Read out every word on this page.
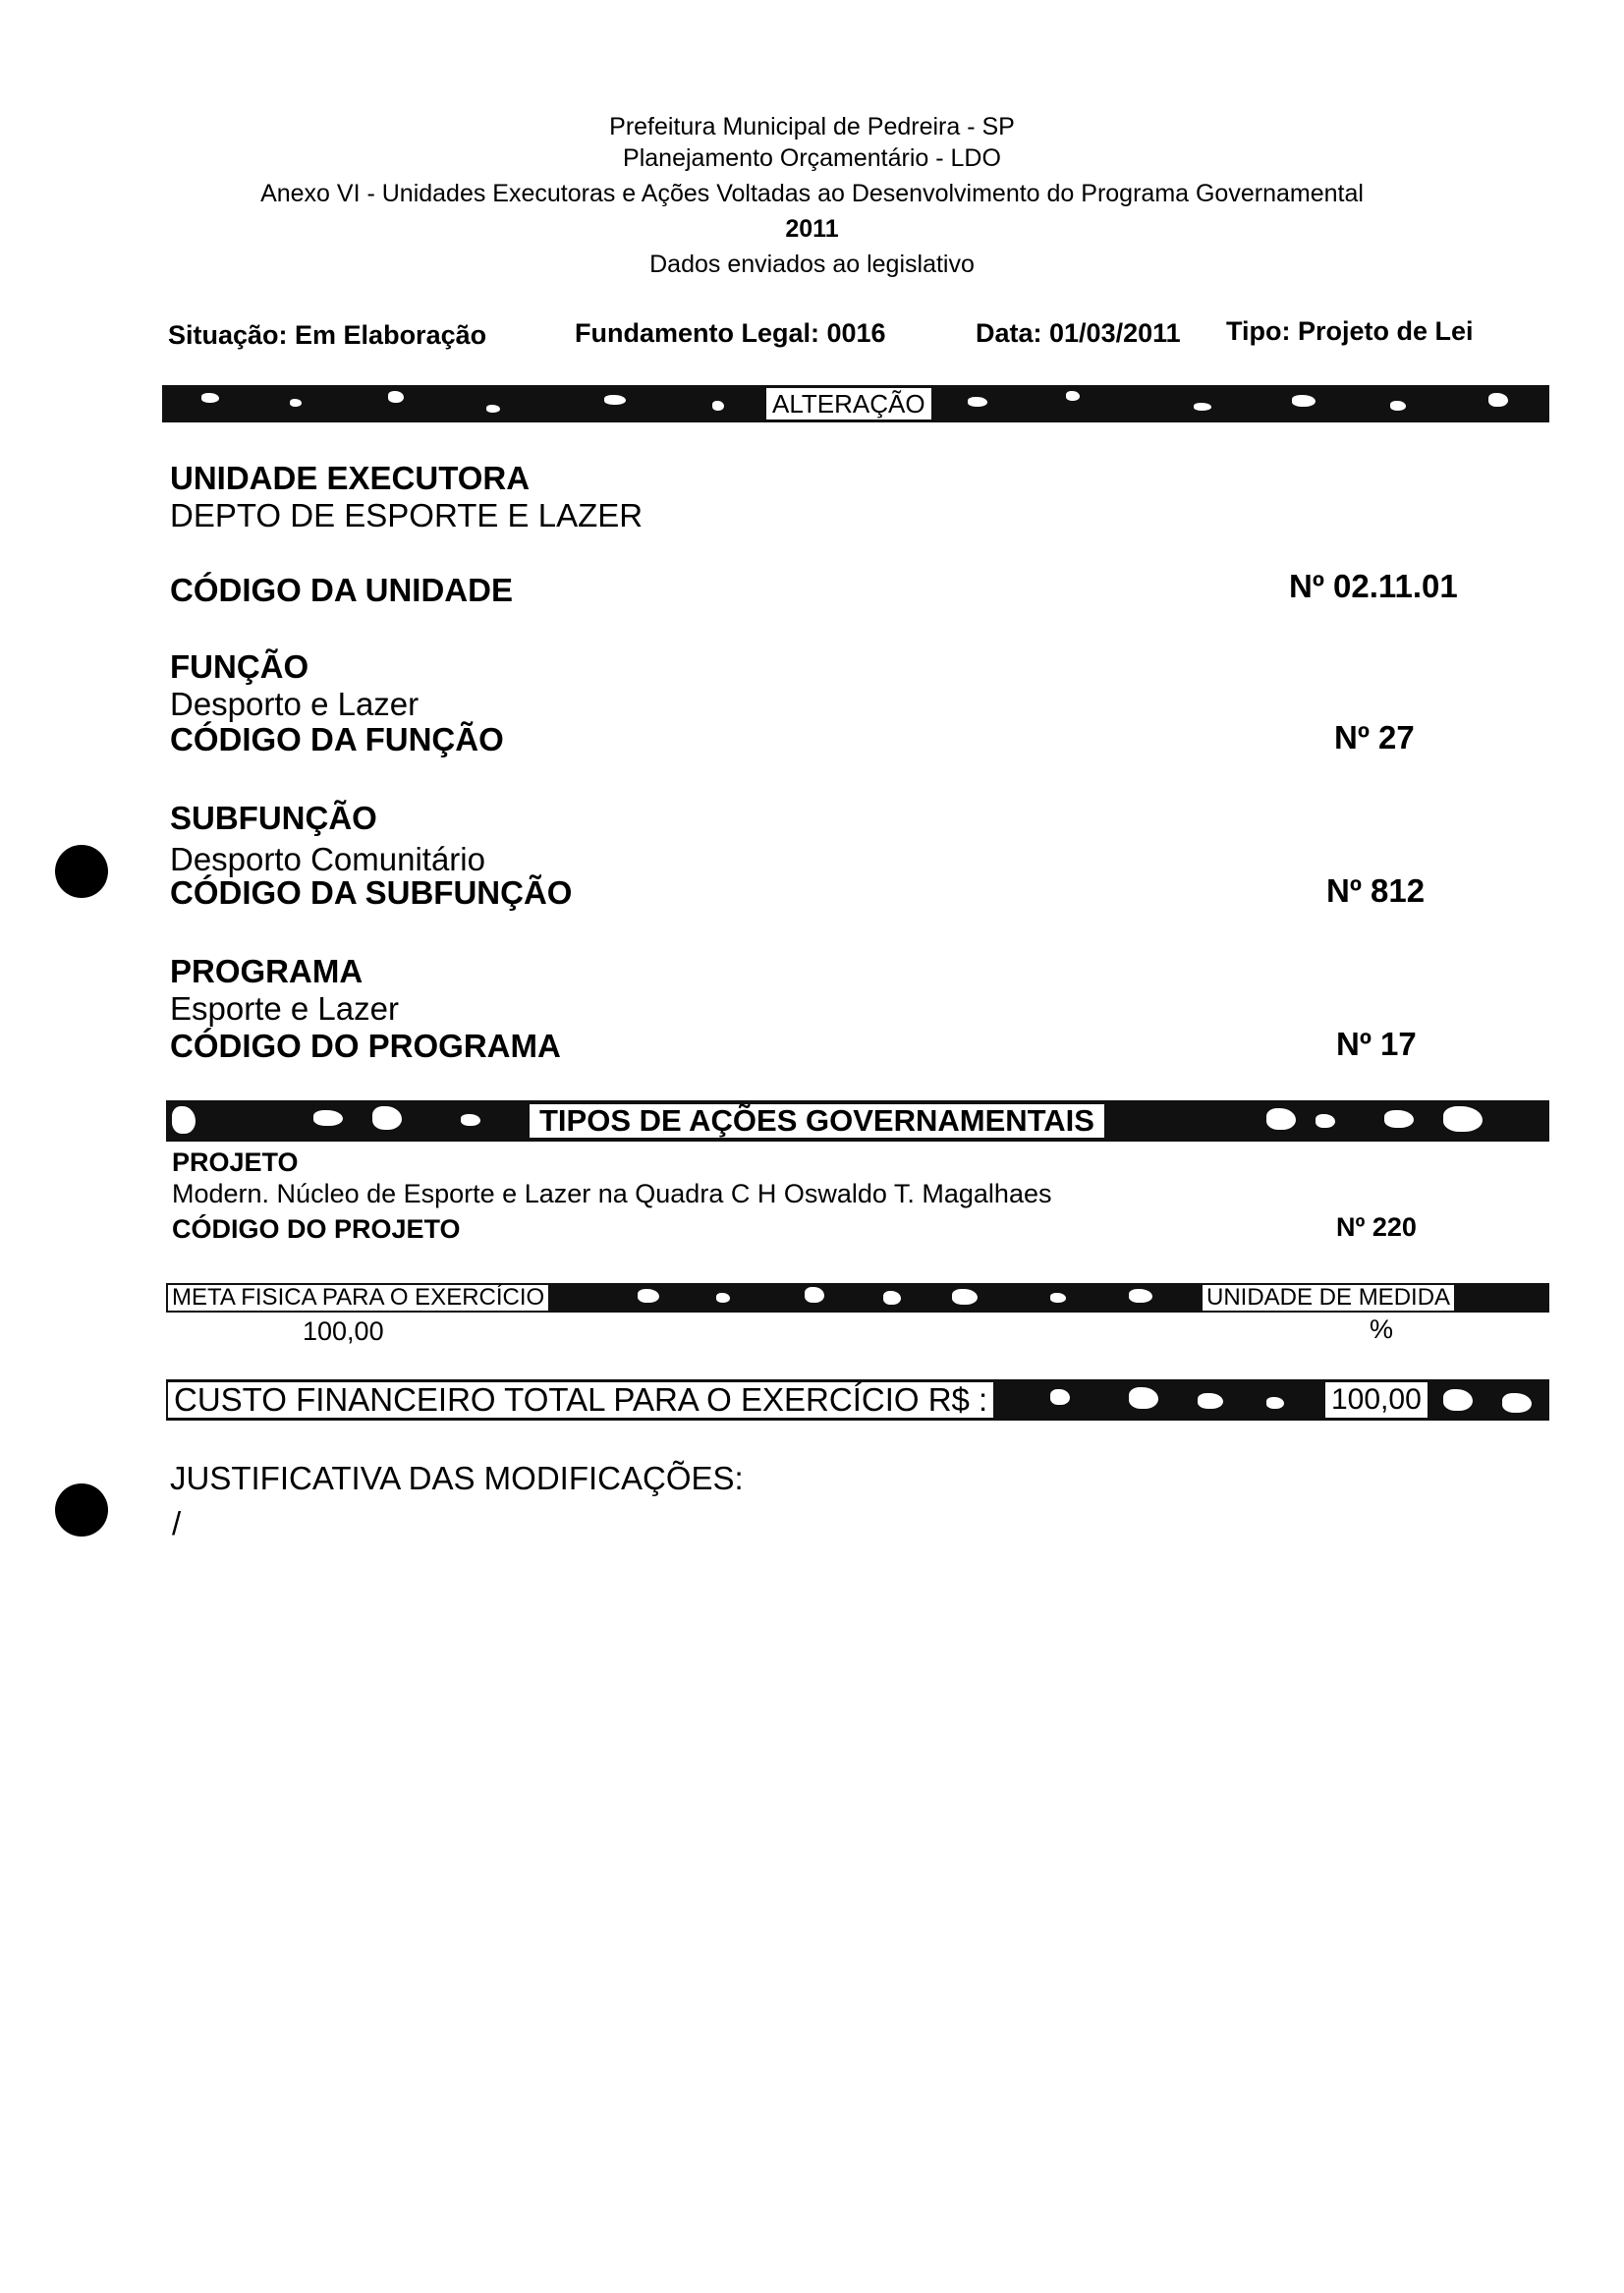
Prefeitura Municipal de Pedreira - SP
Planejamento Orçamentário - LDO
Anexo VI - Unidades Executoras e Ações Voltadas ao Desenvolvimento do Programa Governamental
2011
Dados enviados ao legislativo
Situação: Em Elaboração	Fundamento Legal: 0016	Data: 01/03/2011 Tipo: Projeto de Lei
ALTERAÇÃO
UNIDADE EXECUTORA
DEPTO DE ESPORTE E LAZER
CÓDIGO DA UNIDADE	Nº 02.11.01
FUNÇÃO
Desporto e Lazer
CÓDIGO DA FUNÇÃO	Nº 27
SUBFUNÇÃO
Desporto Comunitário
CÓDIGO DA SUBFUNÇÃO	Nº 812
PROGRAMA
Esporte e Lazer
CÓDIGO DO PROGRAMA	Nº 17
TIPOS DE AÇÕES GOVERNAMENTAIS
PROJETO
Modern. Núcleo de Esporte e Lazer na Quadra C H Oswaldo T. Magalhaes
CÓDIGO DO PROJETO	Nº 220
META FISICA PARA O EXERCÍCIO	UNIDADE DE MEDIDA
100,00	%
CUSTO FINANCEIRO TOTAL PARA O EXERCÍCIO R$ :	100,00
JUSTIFICATIVA DAS MODIFICAÇÕES:
/
